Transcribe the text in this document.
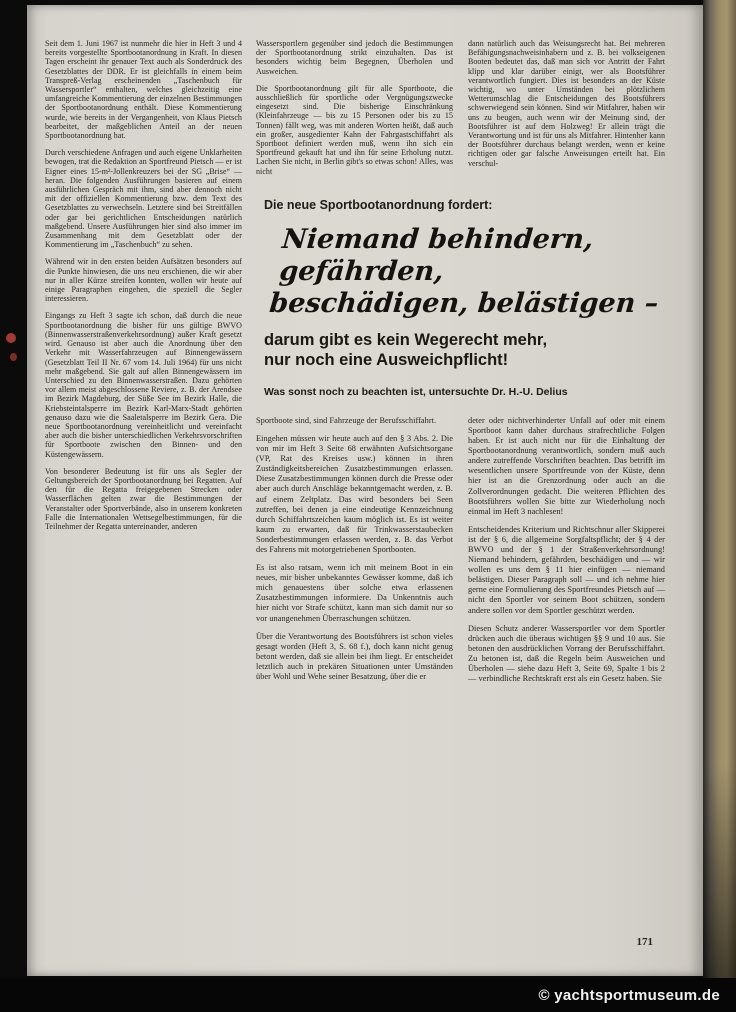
Seit dem 1. Juni 1967 ist nunmehr die hier in Heft 3 und 4 bereits vorgestellte Sportbootanordnung in Kraft. In diesen Tagen erscheint ihr genauer Text auch als Sonderdruck des Gesetzblattes der DDR. Er ist gleichfalls in einem beim Transpreß-Verlag erscheinenden „Taschenbuch für Wassersportler“ enthalten, welches gleichzeitig eine umfangreiche Kommentierung der einzelnen Bestimmungen der Sportbootanordnung enthält. Diese Kommentierung wurde, wie bereits in der Vergangenheit, von Klaus Pietsch bearbeitet, der maßgeblichen Anteil an der neuen Sportbootanordnung hat.

Durch verschiedene Anfragen und auch eigene Unklarheiten bewogen, trat die Redaktion an Sportfreund Pietsch — er ist Eigner eines 15-m²-Jollenkreuzers bei der SG „Brise“ — heran. Die folgenden Ausführungen basieren auf einem ausführlichen Gespräch mit ihm, sind aber dennoch nicht mit der offiziellen Kommentierung bzw. dem Text des Gesetzblattes zu verwechseln. Letztere sind bei Streitfällen oder gar bei gerichtlichen Entscheidungen natürlich maßgebend. Unsere Ausführungen hier sind also immer im Zusammenhang mit dem Gesetzblatt oder der Kommentierung im „Taschenbuch“ zu sehen.

Während wir in den ersten beiden Aufsätzen besonders auf die Punkte hinwiesen, die uns neu erschienen, die wir aber nur in aller Kürze streifen konnten, wollen wir heute auf einige Paragraphen eingehen, die speziell die Segler interessieren.

Eingangs zu Heft 3 sagte ich schon, daß durch die neue Sportbootanordnung die bisher für uns gültige BWVO (Binnenwasserstraßenverkehrsordnung) außer Kraft gesetzt wird. Genauso ist aber auch die Anordnung über den Verkehr mit Wasserfahrzeugen auf Binnengewässern (Gesetzblatt Teil II Nr. 67 vom 14. Juli 1964) für uns nicht mehr maßgebend. Sie galt auf allen Binnengewässern im Unterschied zu den Binnenwasserstraßen. Dazu gehörten vor allem meist abgeschlossene Reviere, z. B. der Arendsee im Bezirk Magdeburg, der Süße See im Bezirk Halle, die Kriebsteintalsperre im Bezirk Karl-Marx-Stadt gehörten genauso dazu wie die Saaletalsperre im Bezirk Gera. Die neue Sportbootanordnung vereinheitlicht und vereinfacht aber auch die bisher unterschiedlichen Verkehrsvorschriften für Sportboote zwischen den Binnen- und den Küstengewässern.

Von besonderer Bedeutung ist für uns als Segler der Geltungsbereich der Sportbootanordnung bei Regatten. Auf den für die Regatta freigegebenen Strecken oder Wasserflächen gelten zwar die Bestimmungen der Veranstalter oder Sportverbände, also in unserem konkreten Falle die Internationalen Wettsegelbestimmungen, für die Teilnehmer der Regatta untereinander, anderen

Wassersportlern gegenüber sind jedoch die Bestimmungen der Sportbootanordnung strikt einzuhalten. Das ist besonders wichtig beim Begegnen, Überholen und Ausweichen.

Die Sportbootanordnung gilt für alle Sportboote, die ausschließlich für sportliche oder Vergnügungszwecke eingesetzt sind. Die bisherige Einschränkung (Kleinfahrzeuge — bis zu 15 Personen oder bis zu 15 Tonnen) fällt weg, was mit anderen Worten heißt, daß auch ein großer, ausgedienter Kahn der Fahrgastschiffahrt als Sportboot definiert werden muß, wenn ihn sich ein Sportfreund gekauft hat und ihn für seine Erholung nutzt. Lachen Sie nicht, in Berlin gibt's so etwas schon! Alles, was nicht

dann natürlich auch das Weisungsrecht hat. Bei mehreren Befähigungsnachweisinhabern und z. B. bei volkseigenen Booten bedeutet das, daß man sich vor Antritt der Fahrt klipp und klar darüber einigt, wer als Bootsführer verantwortlich fungiert. Dies ist besonders an der Küste wichtig, wo unter Umständen bei plötzlichem Wetterumschlag die Entscheidungen des Bootsführers schwerwiegend sein können. Sind wir Mitfahrer, haben wir uns zu beugen, auch wenn wir der Meinung sind, der Bootsführer ist auf dem Holzweg! Er allein trägt die Verantwortung und ist für uns als Mitfahrer. Hintenher kann der Bootsführer durchaus belangt werden, wenn er keine richtigen oder gar falsche Anweisungen erteilt hat. Ein verschul-

Die neue Sportbootanordnung fordert:
Niemand behindern, gefährden,
beschädigen, belästigen –
darum gibt es kein Wegerecht mehr,
nur noch eine Ausweichpflicht!
Was sonst noch zu beachten ist, untersuchte Dr. H.-U. Delius

Sportboote sind, sind Fahrzeuge der Berufsschiffahrt.

Eingehen müssen wir heute auch auf den § 3 Abs. 2. Die von mir im Heft 3 Seite 68 erwähnten Aufsichtsorgane (VP, Rat des Kreises usw.) können in ihren Zuständigkeitsbereichen Zusatzbestimmungen erlassen. Diese Zusatzbestimmungen können durch die Presse oder aber auch durch Anschläge bekanntgemacht werden, z. B. auf einem Zeltplatz. Das wird besonders bei Seen zutreffen, bei denen ja eine eindeutige Kennzeichnung durch Schiffahrtszeichen kaum möglich ist. Es ist weiter kaum zu erwarten, daß für Trinkwasserstaubecken Sonderbestimmungen erlassen werden, z. B. das Verbot des Fahrens mit motorgetriebenen Sportbooten.

Es ist also ratsam, wenn ich mit meinem Boot in ein neues, mir bisher unbekanntes Gewässer komme, daß ich mich genauestens über solche etwa erlassenen Zusatzbestimmungen informiere. Da Unkenntnis auch hier nicht vor Strafe schützt, kann man sich damit nur so vor unangenehmen Überraschungen schützen.

Über die Verantwortung des Bootsführers ist schon vieles gesagt worden (Heft 3, S. 68 f.), doch kann nicht genug betont werden, daß sie allein bei ihm liegt. Er entscheidet letztlich auch in prekären Situationen unter Umständen über Wohl und Wehe seiner Besatzung, über die er

deter oder nichtverhinderter Unfall auf oder mit einem Sportboot kann daher durchaus strafrechtliche Folgen haben. Er ist auch nicht nur für die Einhaltung der Sportbootanordnung verantwortlich, sondern muß auch andere zutreffende Vorschriften beachten. Das betrifft im wesentlichen unsere Sportfreunde von der Küste, denn hier ist an die Grenzordnung oder auch an die Zollverordnungen gedacht. Die weiteren Pflichten des Bootsführers wollen Sie bitte zur Wiederholung noch einmal im Heft 3 nachlesen!

Entscheidendes Kriterium und Richtschnur aller Skipperei ist der § 6, die allgemeine Sorgfaltspflicht; der § 4 der BWVO und der § 1 der Straßenverkehrsordnung! Niemand behindern, gefährden, beschädigen und — wir wollen es uns dem § 11 hier einfügen — niemand belästigen. Dieser Paragraph soll — und ich nehme hier gerne eine Formulierung des Sportfreundes Pietsch auf — nicht den Sportler vor seinem Boot schützen, sondern andere sollen vor dem Sportler geschützt werden.

Diesen Schutz anderer Wassersportler vor dem Sportler drücken auch die überaus wichtigen §§ 9 und 10 aus. Sie betonen den ausdrücklichen Vorrang der Berufsschiffahrt. Zu betonen ist, daß die Regeln beim Ausweichen und Überholen — siehe dazu Heft 3, Seite 69, Spalte 1 bis 2 — verbindliche Rechtskraft erst als ein Gesetz haben. Sie

171
© yachtsportmuseum.de
